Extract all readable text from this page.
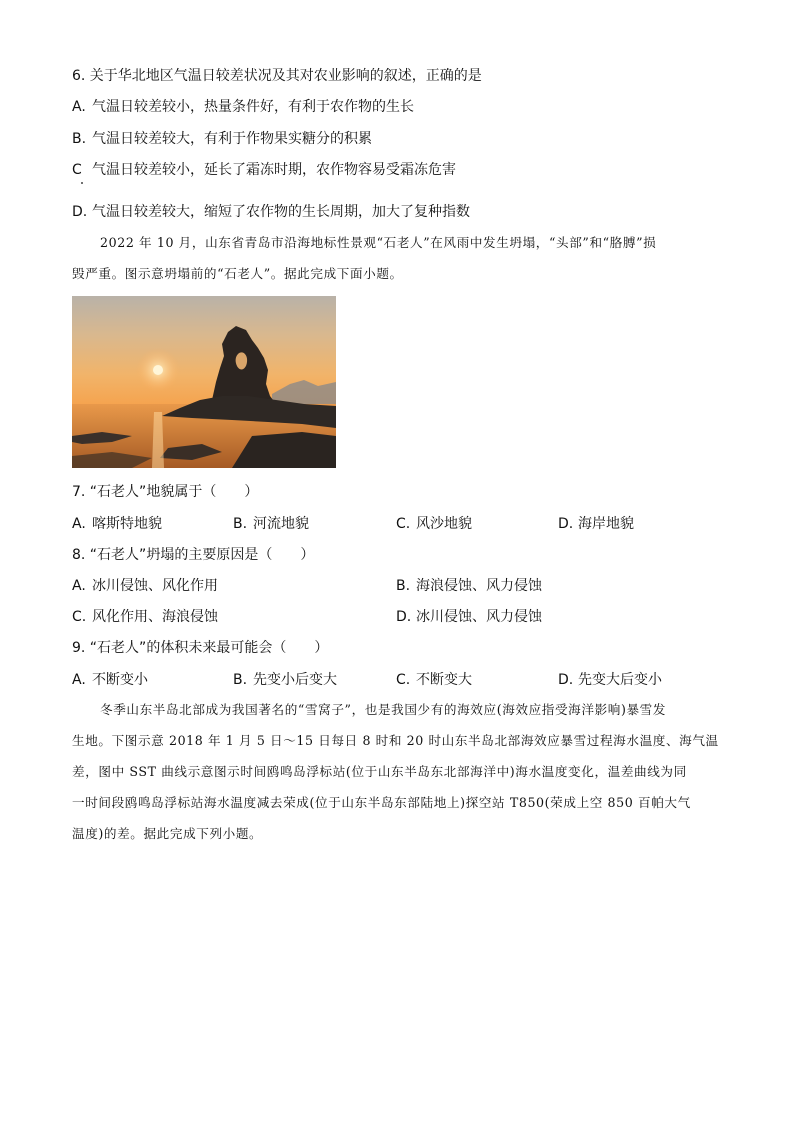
6. 关于华北地区气温日较差状况及其对农业影响的叙述，正确的是
A. 气温日较差较小，热量条件好，有利于农作物的生长
B. 气温日较差较大，有利于作物果实糖分的积累
C 气温日较差较小，延长了霜冻时期，农作物容易受霜冻危害
D. 气温日较差较大，缩短了农作物的生长周期，加大了复种指数
2022 年 10 月，山东省青岛市沿海地标性景观“石老人”在风雨中发生坍塌，“头部”和“胳膊”损
毁严重。图示意坍塌前的“石老人”。据此完成下面小题。
7. “石老人”地貌属于（　　）
A. 喀斯特地貌	B. 河流地貌	C. 风沙地貌	D. 海岸地貌
8. “石老人”坍塌的主要原因是（　　）
A. 冰川侵蚀、风化作用	B. 海浪侵蚀、风力侵蚀
C. 风化作用、海浪侵蚀	D. 冰川侵蚀、风力侵蚀
9. “石老人”的体积未来最可能会（　　）
A. 不断变小	B. 先变小后变大	C. 不断变大	D. 先变大后变小
冬季山东半岛北部成为我国著名的“雪窝子”，也是我国少有的海效应(海效应指受海洋影响)暴雪发
生地。下图示意 2018 年 1 月 5 日～15 日每日 8 时和 20 时山东半岛北部海效应暴雪过程海水温度、海气温
差，图中 SST 曲线示意图示时间鸥鸣岛浮标站(位于山东半岛东北部海洋中)海水温度变化，温差曲线为同
一时间段鸥鸣岛浮标站海水温度减去荣成(位于山东半岛东部陆地上)探空站 T850(荣成上空 850 百帕大气
温度)的差。据此完成下列小题。
